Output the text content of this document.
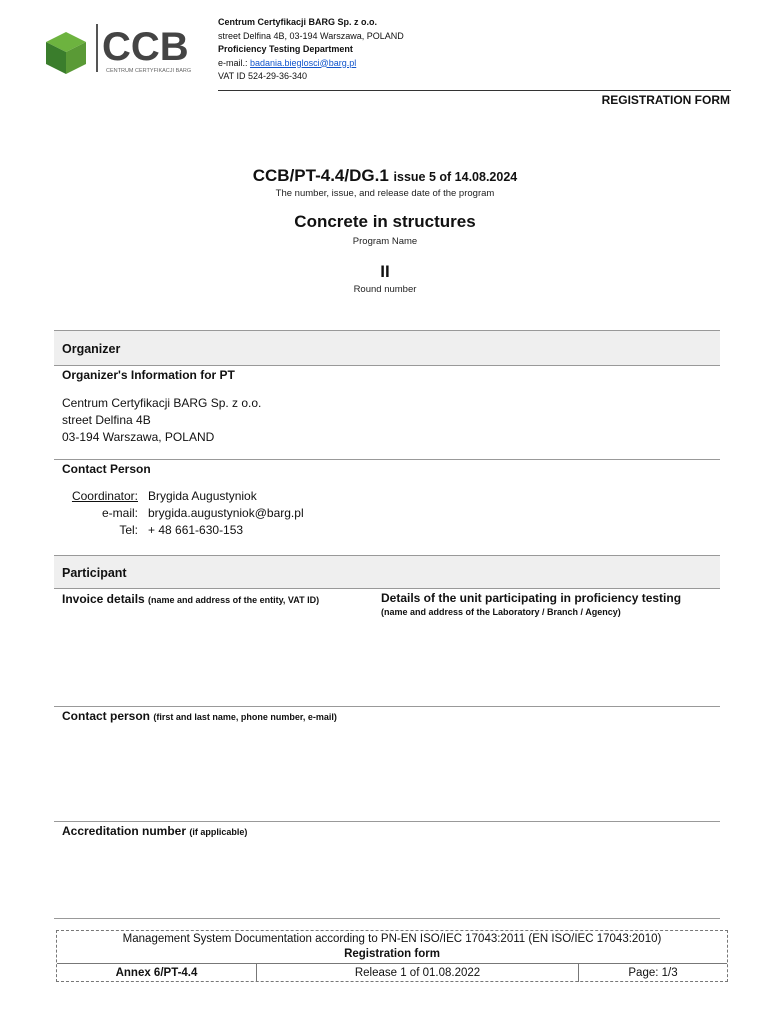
CCB
CENTRUM CERTYFIKACJI BARG
Centrum Certyfikacji BARG Sp. z o.o.
street Delfina 4B, 03-194 Warszawa, POLAND
Proficiency Testing Department
e-mail.: badania.bieglosci@barg.pl
VAT ID 524-29-36-340
REGISTRATION FORM
CCB/PT-4.4/DG.1 issue 5 of 14.08.2024
The number, issue, and release date of the program
Concrete in structures
Program Name
II
Round number
Organizer
Organizer's Information for PT
Centrum Certyfikacji BARG Sp. z o.o.
street Delfina 4B
03-194 Warszawa, POLAND
Contact Person
Coordinator: Brygida Augustyniok
e-mail: brygida.augustyniok@barg.pl
Tel: + 48 661-630-153
Participant
Invoice details (name and address of the entity, VAT ID)	Details of the unit participating in proficiency testing
(name and address of the Laboratory / Branch / Agency)
Contact person (first and last name, phone number, e-mail)
Accreditation number (if applicable)
Management System Documentation according to PN-EN ISO/IEC 17043:2011 (EN ISO/IEC 17043:2010)
Registration form
Annex 6/PT-4.4	Release 1 of 01.08.2022	Page: 1/3
